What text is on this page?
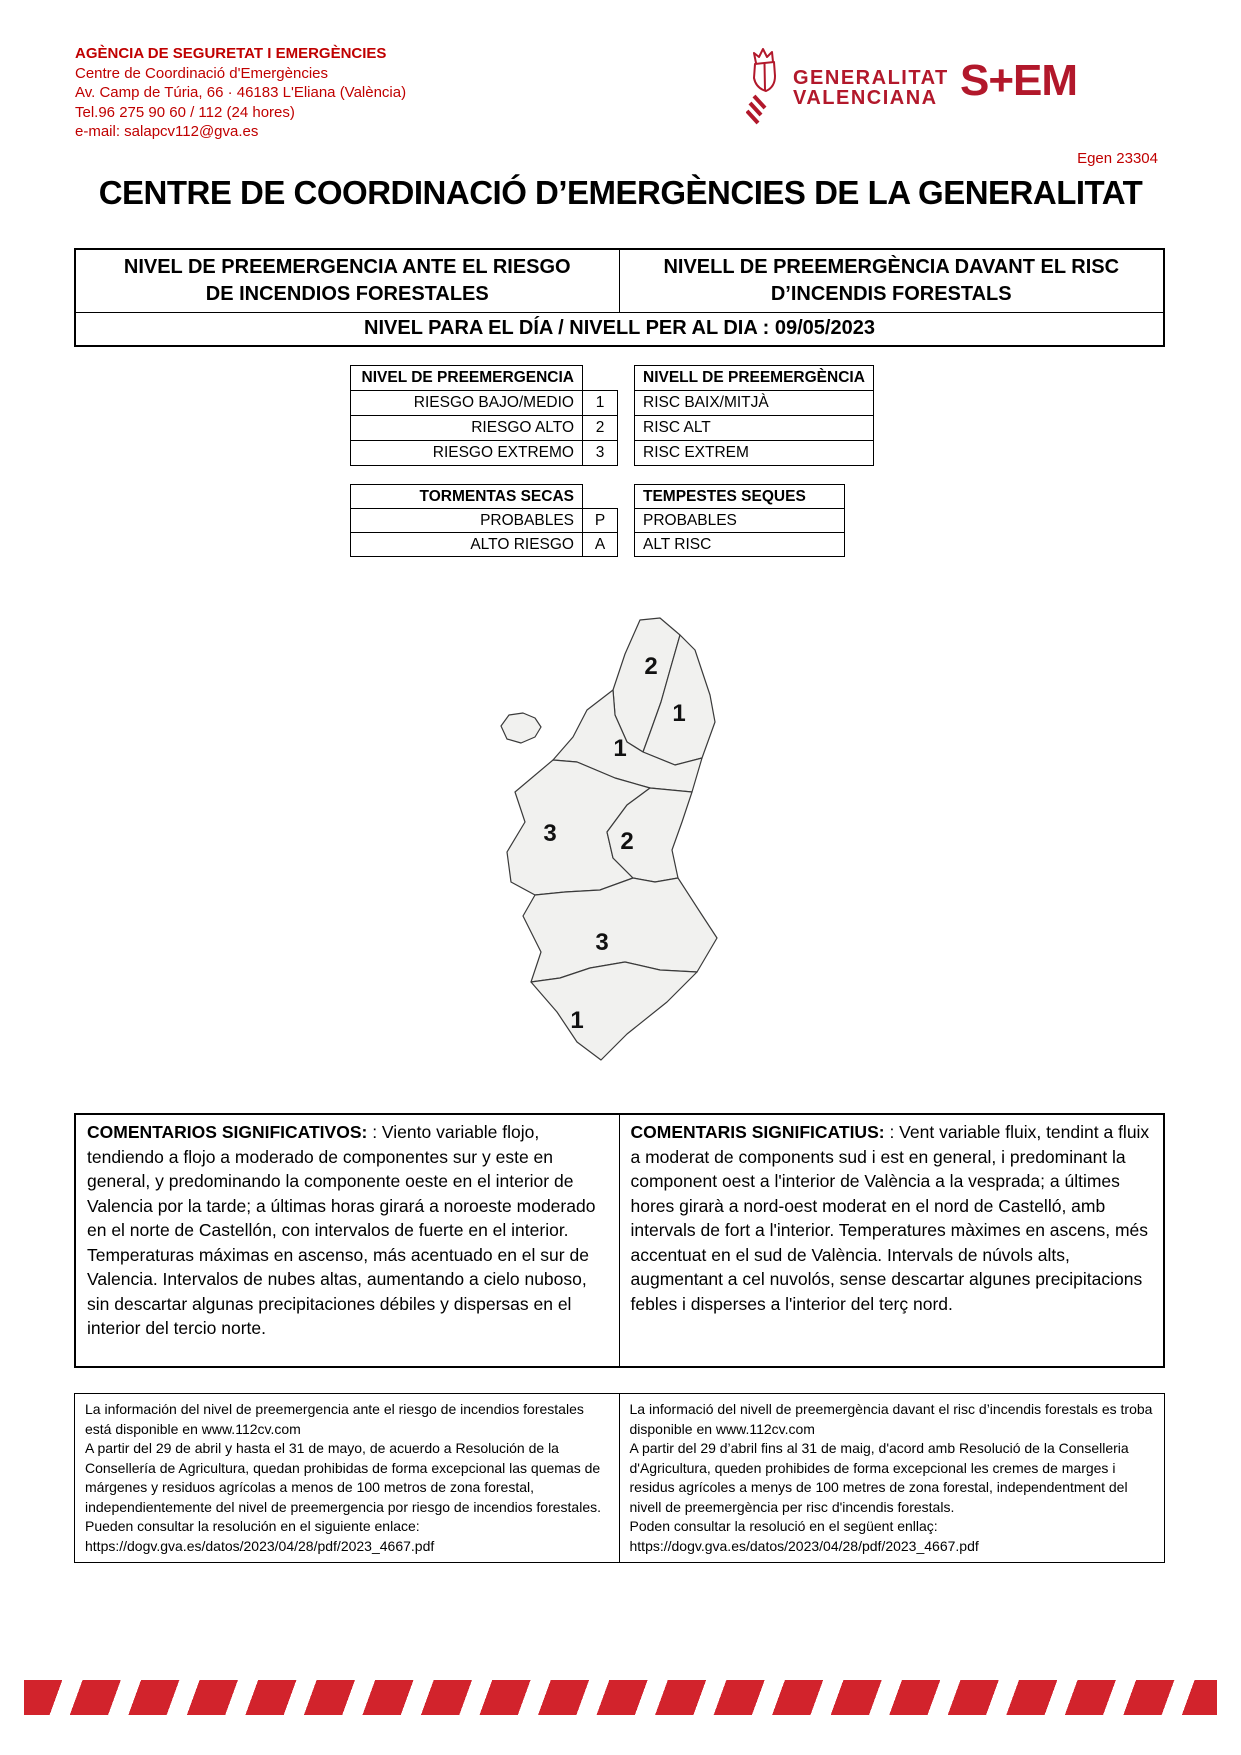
AGÈNCIA DE SEGURETAT I EMERGÈNCIES
Centre de Coordinació d'Emergències
Av. Camp de Túria, 66 · 46183 L'Eliana (València)
Tel.96 275 90 60 / 112 (24 hores)
e-mail: salapcv112@gva.es
GENERALITAT
VALENCIANA S+EM
Egen 23304
CENTRE DE COORDINACIÓ D’EMERGÈNCIES DE LA GENERALITAT
NIVEL DE PREEMERGENCIA ANTE EL RIESGO DE INCENDIOS FORESTALES
NIVELL DE PREEMERGÈNCIA DAVANT EL RISC D’INCENDIS FORESTALS
NIVEL PARA EL DÍA / NIVELL PER AL DIA : 09/05/2023
NIVEL DE PREEMERGENCIA	
RIESGO BAJO/MEDIO	1
RIESGO ALTO	2
RIESGO EXTREMO	3
NIVELL DE PREEMERGÈNCIA
RISC BAIX/MITJÀ
RISC ALT
RISC EXTREM
TORMENTAS SECAS	
PROBABLES	P
ALTO RIESGO	A
TEMPESTES SEQUES
PROBABLES
ALT RISC
2
1
1
3	2
3
1
COMENTARIOS SIGNIFICATIVOS: : Viento variable flojo, tendiendo a flojo a moderado de componentes sur y este en general, y predominando la componente oeste en el interior de Valencia por la tarde; a últimas horas girará a noroeste moderado en el norte de Castellón, con intervalos de fuerte en el interior. Temperaturas máximas en ascenso, más acentuado en el sur de Valencia. Intervalos de nubes altas, aumentando a cielo nuboso, sin descartar algunas precipitaciones débiles y dispersas en el interior del tercio norte.
COMENTARIS SIGNIFICATIUS: : Vent variable fluix, tendint a fluix a moderat de components sud i est en general, i predominant la component oest a l'interior de València a la vesprada; a últimes hores girarà a nord-oest moderat en el nord de Castelló, amb intervals de fort a l'interior. Temperatures màximes en ascens, més accentuat en el sud de València. Intervals de núvols alts, augmentant a cel nuvolós, sense descartar algunes precipitacions febles i disperses a l'interior del terç nord.
La información del nivel de preemergencia ante el riesgo de incendios forestales está disponible en www.112cv.com
A partir del 29 de abril y hasta el 31 de mayo, de acuerdo a Resolución de la Consellería de Agricultura, quedan prohibidas de forma excepcional las quemas de márgenes y residuos agrícolas a menos de 100 metros de zona forestal, independientemente del nivel de preemergencia por riesgo de incendios forestales.
Pueden consultar la resolución en el siguiente enlace:
https://dogv.gva.es/datos/2023/04/28/pdf/2023_4667.pdf
La informació del nivell de preemergència davant el risc d’incendis forestals es troba disponible en www.112cv.com
A partir del 29 d’abril fins al 31 de maig, d'acord amb Resolució de la Conselleria d'Agricultura, queden prohibides de forma excepcional les cremes de marges i residus agrícoles a menys de 100 metres de zona forestal, independentment del nivell de preemergència per risc d'incendis forestals.
Poden consultar la resolució en el següent enllaç:
https://dogv.gva.es/datos/2023/04/28/pdf/2023_4667.pdf
